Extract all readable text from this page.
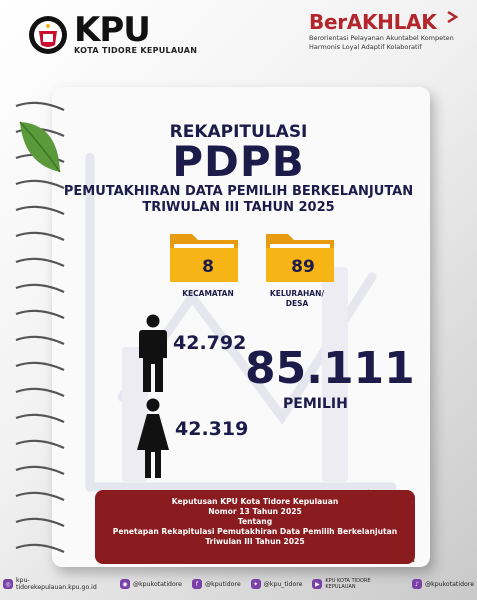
KPU
KOTA TIDORE KEPULAUAN
BerAKHLAK
Berorientasi Pelayanan Akuntabel Kompeten
Harmonis Loyal Adaptif Kolaboratif
REKAPITULASI
PDPB
PEMUTAKHIRAN DATA PEMILIH BERKELANJUTAN
TRIWULAN III TAHUN 2025
8
KECAMATAN
89
KELURAHAN/
DESA
42.792
42.319
85.111
PEMILIH
Keputusan KPU Kota Tidore Kepulauan
Nomor 13 Tahun 2025
Tentang
Penetapan Rekapitulasi Pemutakhiran Data Pemilih Berkelanjutan
Triwulan III Tahun 2025
◎ kpu-tidorekepulauan.kpu.go.id	◉ @kpukotatidore	f	@kputidore	✦ @kpu_tidore	▶	KPU KOTA TIDORE KEPULAUAN	♪ @kpukotatidore
